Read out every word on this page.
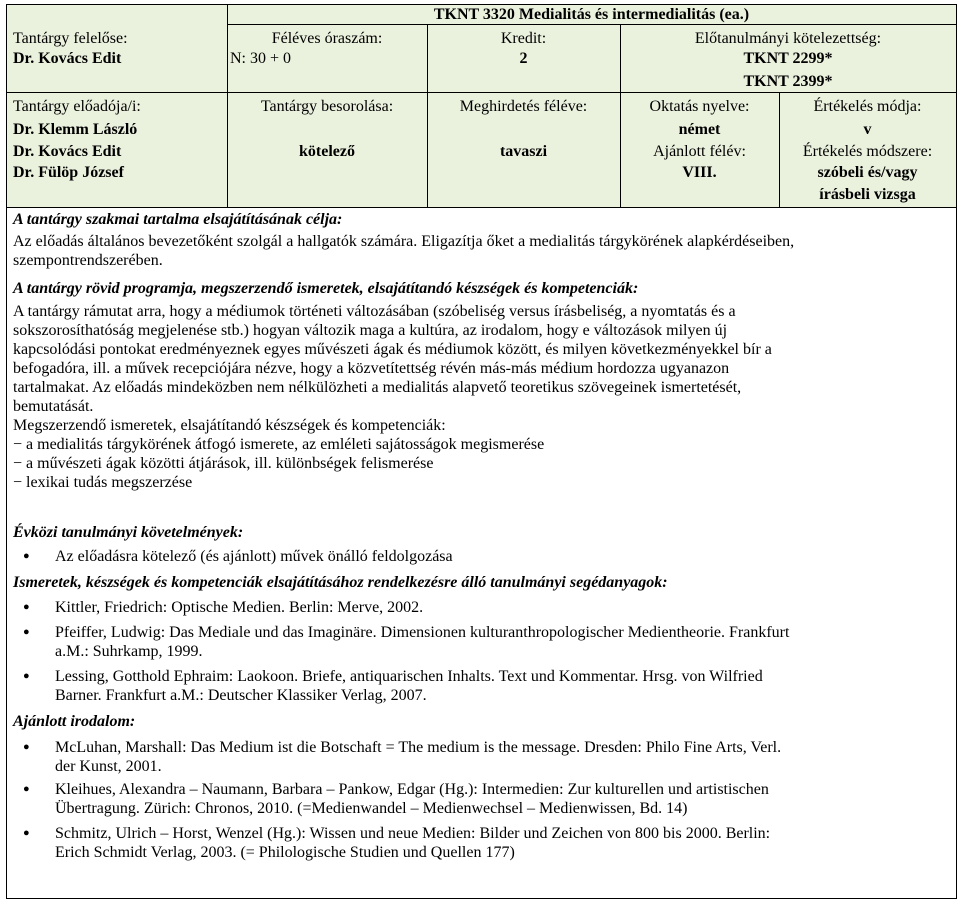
TKNT 3320 Medialitás és intermedialitás (ea.)
Tantárgy felelőse:
Dr. Kovács Edit
Féléves óraszám:
N: 30 + 0
Kredit:
2
Előtanulmányi kötelezettség:
TKNT 2299*
TKNT 2399*
Tantárgy előadója/i:
Dr. Klemm László
Dr. Kovács Edit
Dr. Fülöp József
Tantárgy besorolása:
kötelező
Meghirdetés féléve:
tavaszi
Oktatás nyelve:
német
Ajánlott félév:
VIII.
Értékelés módja:
v
Értékelés módszere:
szóbeli és/vagy
írásbeli vizsga
A tantárgy szakmai tartalma elsajátításának célja:

Az előadás általános bevezetőként szolgál a hallgatók számára. Eligazítja őket a medialitás tárgykörének alapkérdéseiben,

szempontrendszerében.

A tantárgy rövid programja, megszerzendő ismeretek, elsajátítandó készségek és kompetenciák:

A tantárgy rámutat arra, hogy a médiumok történeti változásában (szóbeliség versus írásbeliség, a nyomtatás és a

sokszorosíthatóság megjelenése stb.) hogyan változik maga a kultúra, az irodalom, hogy e változások milyen új

kapcsolódási pontokat eredményeznek egyes művészeti ágak és médiumok között, és milyen következményekkel bír a

befogadóra, ill. a művek recepciójára nézve, hogy a közvetítettség révén más-más médium hordozza ugyanazon

tartalmakat. Az előadás mindeközben nem nélkülözheti a medialitás alapvető teoretikus szövegeinek ismertetését,

bemutatását.

Megszerzendő ismeretek, elsajátítandó készségek és kompetenciák:

− a medialitás tárgykörének átfogó ismerete, az emléleti sajátosságok megismerése

− a művészeti ágak közötti átjárások, ill. különbségek felismerése

− lexikai tudás megszerzése

Évközi tanulmányi követelmények:
● Az előadásra kötelező (és ajánlott) művek önálló feldolgozása
Ismeretek, készségek és kompetenciák elsajátításához rendelkezésre álló tanulmányi segédanyagok:
● Kittler, Friedrich: Optische Medien. Berlin: Merve, 2002.
● Pfeiffer, Ludwig: Das Mediale und das Imaginäre. Dimensionen kulturanthropologischer Medientheorie. Frankfurt
a.M.: Suhrkamp, 1999.
● Lessing, Gotthold Ephraim: Laokoon. Briefe, antiquarischen Inhalts. Text und Kommentar. Hrsg. von Wilfried
Barner. Frankfurt a.M.: Deutscher Klassiker Verlag, 2007.
Ajánlott irodalom:
● McLuhan, Marshall: Das Medium ist die Botschaft = The medium is the message. Dresden: Philo Fine Arts, Verl.
der Kunst, 2001.
● Kleihues, Alexandra – Naumann, Barbara – Pankow, Edgar (Hg.): Intermedien: Zur kulturellen und artistischen
Übertragung. Zürich: Chronos, 2010. (=Medienwandel – Medienwechsel – Medienwissen, Bd. 14)
● Schmitz, Ulrich – Horst, Wenzel (Hg.): Wissen und neue Medien: Bilder und Zeichen von 800 bis 2000. Berlin:
Erich Schmidt Verlag, 2003. (= Philologische Studien und Quellen 177)
